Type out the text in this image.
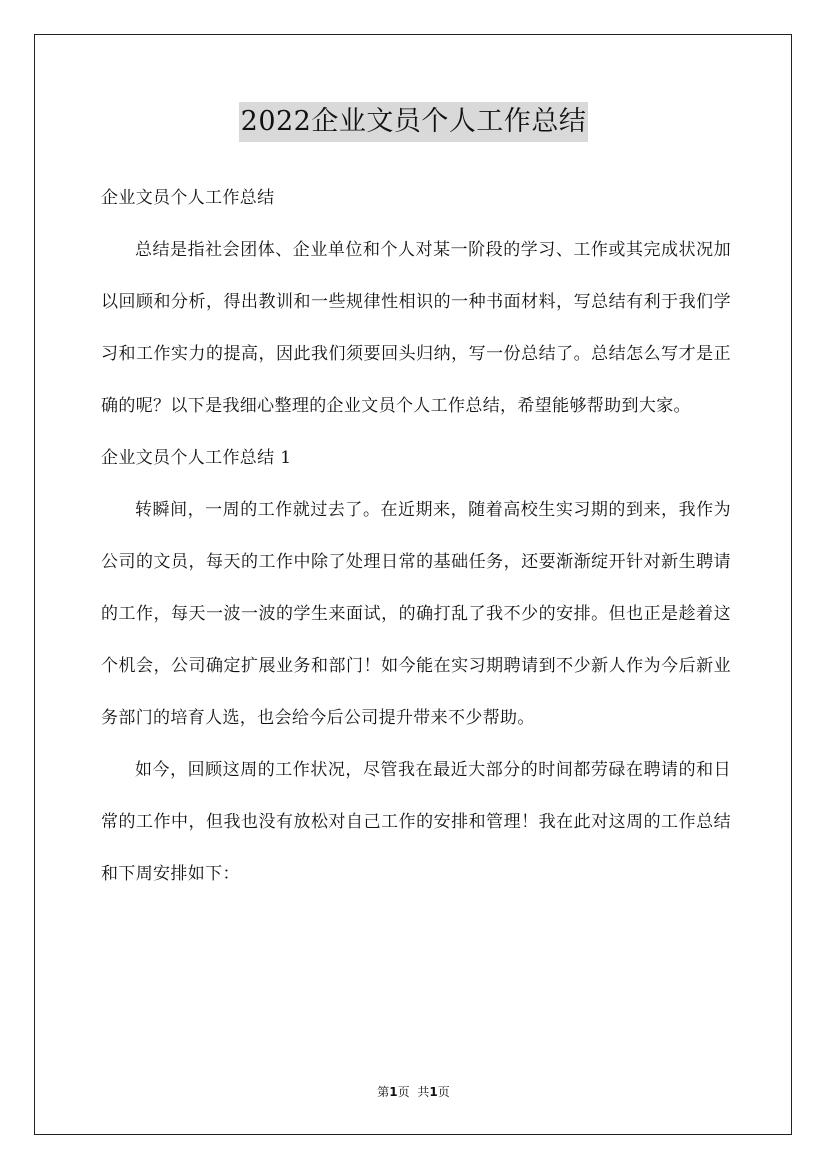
2022企业文员个人工作总结

企业文员个人工作总结

总结是指社会团体、企业单位和个人对某一阶段的学习、工作或其完成状况加以回顾和分析，得出教训和一些规律性相识的一种书面材料，写总结有利于我们学习和工作实力的提高，因此我们须要回头归纳，写一份总结了。总结怎么写才是正确的呢？以下是我细心整理的企业文员个人工作总结，希望能够帮助到大家。

企业文员个人工作总结 1

转瞬间，一周的工作就过去了。在近期来，随着高校生实习期的到来，我作为公司的文员，每天的工作中除了处理日常的基础任务，还要渐渐绽开针对新生聘请的工作，每天一波一波的学生来面试，的确打乱了我不少的安排。但也正是趁着这个机会，公司确定扩展业务和部门！如今能在实习期聘请到不少新人作为今后新业务部门的培育人选，也会给今后公司提升带来不少帮助。

如今，回顾这周的工作状况，尽管我在最近大部分的时间都劳碌在聘请的和日常的工作中，但我也没有放松对自己工作的安排和管理！我在此对这周的工作总结和下周安排如下：

第1页 共1页
